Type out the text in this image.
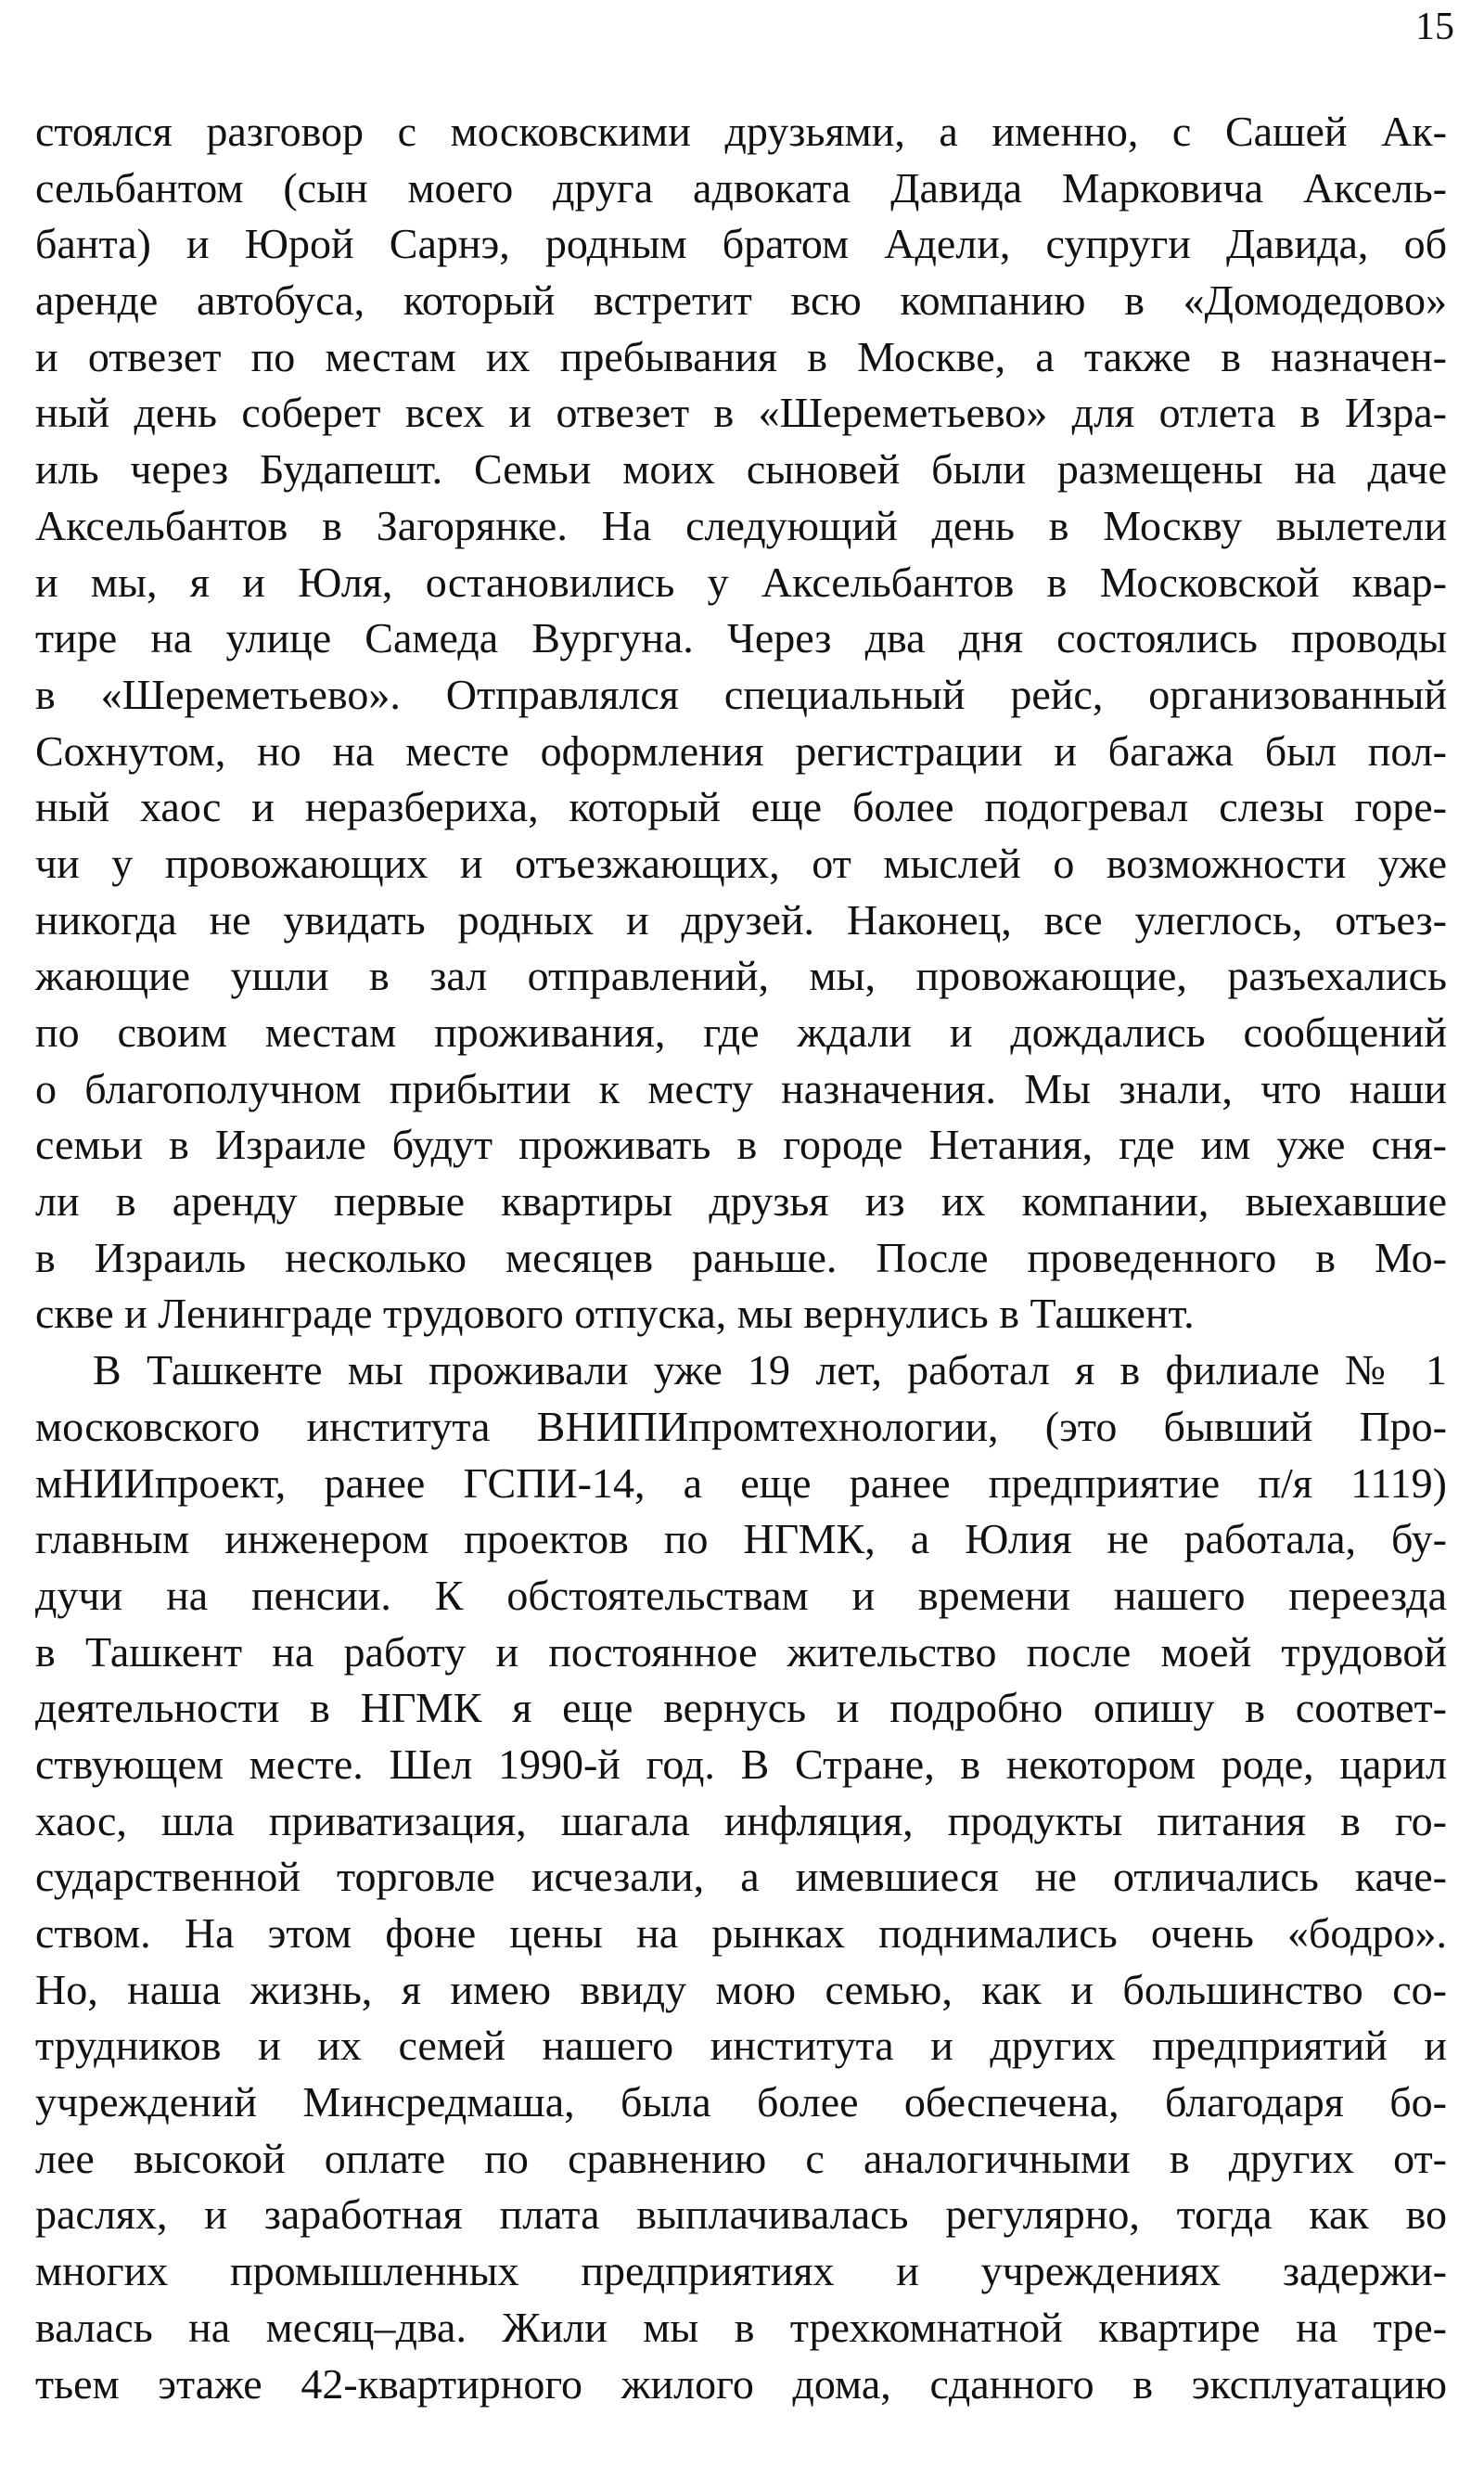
15
стоялся разговор с московскими друзьями, а именно, с Сашей Ак-
сельбантом (сын моего друга адвоката Давида Марковича Аксель-
банта) и Юрой Сарнэ, родным братом Адели, супруги Давида, об
аренде автобуса, который встретит всю компанию в «Домодедово»
и отвезет по местам их пребывания в Москве, а также в назначен-
ный день соберет всех и отвезет в «Шереметьево» для отлета в Изра-
иль через Будапешт. Семьи моих сыновей были размещены на даче
Аксельбантов в Загорянке. На следующий день в Москву вылетели
и мы, я и Юля, остановились у Аксельбантов в Московской квар-
тире на улице Самеда Вургуна. Через два дня состоялись проводы
в «Шереметьево». Отправлялся специальный рейс, организованный
Сохнутом, но на месте оформления регистрации и багажа был пол-
ный хаос и неразбериха, который еще более подогревал слезы горе-
чи у провожающих и отъезжающих, от мыслей о возможности уже
никогда не увидать родных и друзей. Наконец, все улеглось, отъез-
жающие ушли в зал отправлений, мы, провожающие, разъехались
по своим местам проживания, где ждали и дождались сообщений
о благополучном прибытии к месту назначения. Мы знали, что наши
семьи в Израиле будут проживать в городе Нетания, где им уже сня-
ли в аренду первые квартиры друзья из их компании, выехавшие
в Израиль несколько месяцев раньше. После проведенного в Мо-
скве и Ленинграде трудового отпуска, мы вернулись в Ташкент.
В Ташкенте мы проживали уже 19 лет, работал я в филиале № 1
московского института ВНИПИпромтехнологии, (это бывший Про-
мНИИпроект, ранее ГСПИ-14, а еще ранее предприятие п/я 1119)
главным инженером проектов по НГМК, а Юлия не работала, бу-
дучи на пенсии. К обстоятельствам и времени нашего переезда
в Ташкент на работу и постоянное жительство после моей трудовой
деятельности в НГМК я еще вернусь и подробно опишу в соответ-
ствующем месте. Шел 1990-й год. В Стране, в некотором роде, царил
хаос, шла приватизация, шагала инфляция, продукты питания в го-
сударственной торговле исчезали, а имевшиеся не отличались каче-
ством. На этом фоне цены на рынках поднимались очень «бодро».
Но, наша жизнь, я имею ввиду мою семью, как и большинство со-
трудников и их семей нашего института и других предприятий и
учреждений Минсредмаша, была более обеспечена, благодаря бо-
лее высокой оплате по сравнению с аналогичными в других от-
раслях, и заработная плата выплачивалась регулярно, тогда как во
многих промышленных предприятиях и учреждениях задержи-
валась на месяц–два. Жили мы в трехкомнатной квартире на тре-
тьем этаже 42-квартирного жилого дома, сданного в эксплуатацию
